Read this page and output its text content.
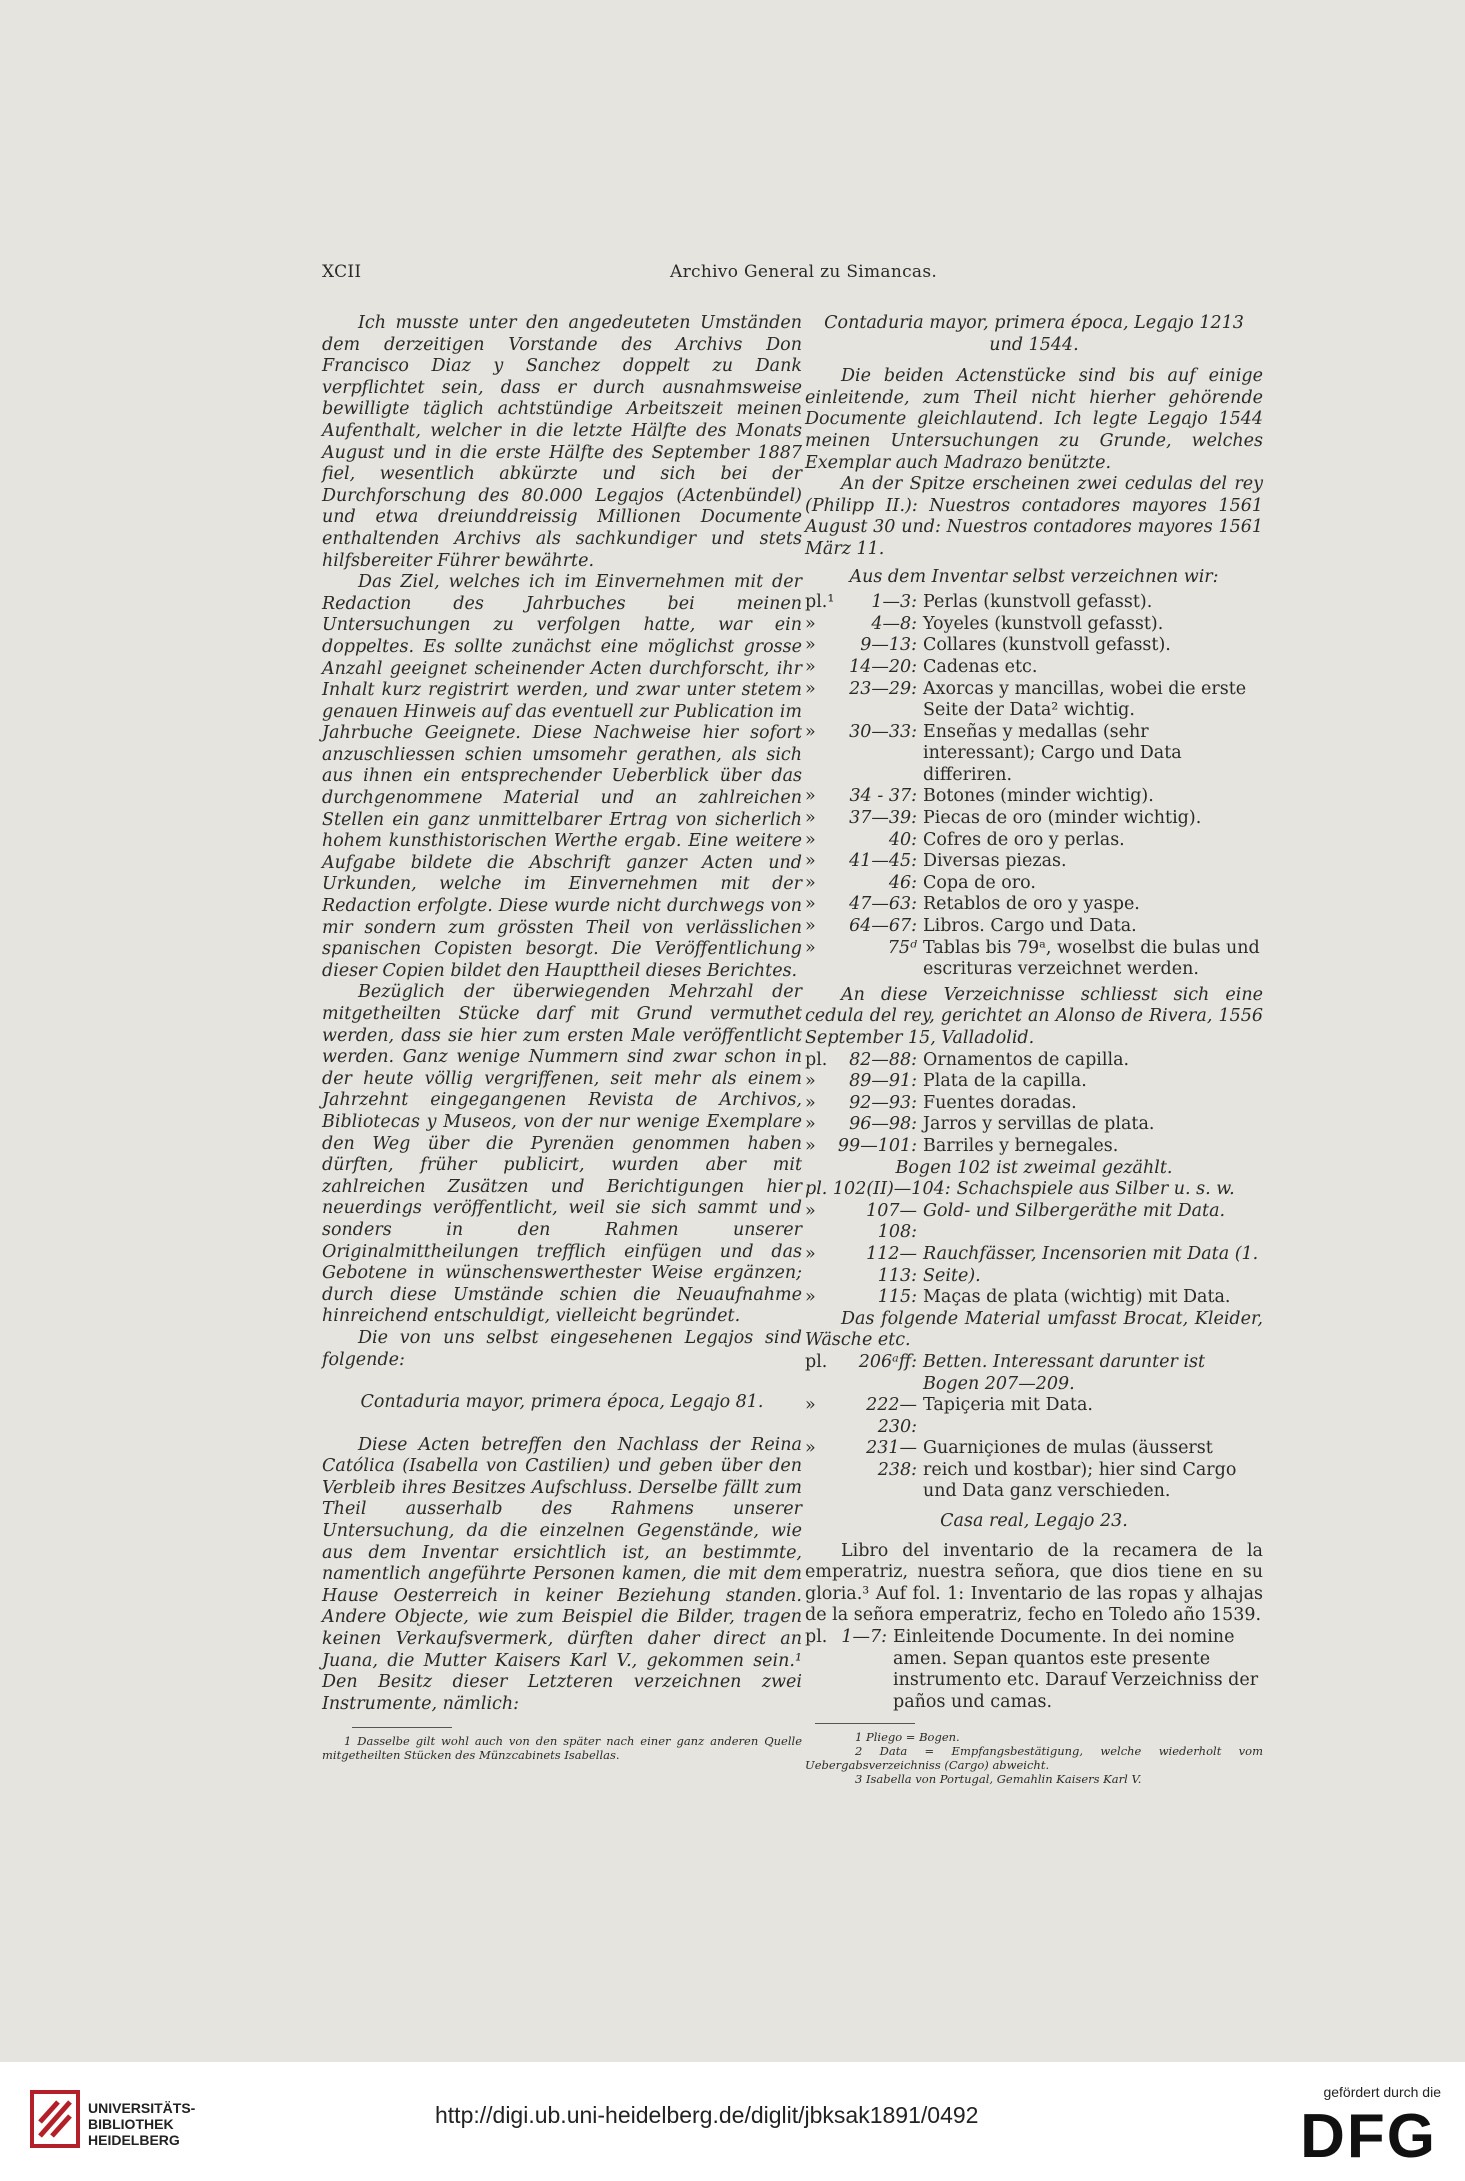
XCII	Archivo General zu Simancas.

Ich musste unter den angedeuteten Umständen dem derzeitigen Vorstande des Archivs Don Francisco Diaz y Sanchez doppelt zu Dank verpflichtet sein, dass er durch ausnahmsweise bewilligte täglich achtstündige Arbeitszeit meinen Aufenthalt, welcher in die letzte Hälfte des Monats August und in die erste Hälfte des September 1887 fiel, wesentlich abkürzte und sich bei der Durchforschung des 80.000 Legajos (Actenbündel) und etwa dreiunddreissig Millionen Documente enthaltenden Archivs als sachkundiger und stets hilfsbereiter Führer bewährte.

Das Ziel, welches ich im Einvernehmen mit der Redaction des Jahrbuches bei meinen Untersuchungen zu verfolgen hatte, war ein doppeltes. Es sollte zunächst eine möglichst grosse Anzahl geeignet scheinender Acten durchforscht, ihr Inhalt kurz registrirt werden, und zwar unter stetem genauen Hinweis auf das eventuell zur Publication im Jahrbuche Geeignete. Diese Nachweise hier sofort anzuschliessen schien umsomehr gerathen, als sich aus ihnen ein entsprechender Ueberblick über das durchgenommene Material und an zahlreichen Stellen ein ganz unmittelbarer Ertrag von sicherlich hohem kunsthistorischen Werthe ergab. Eine weitere Aufgabe bildete die Abschrift ganzer Acten und Urkunden, welche im Einvernehmen mit der Redaction erfolgte. Diese wurde nicht durchwegs von mir sondern zum grössten Theil von verlässlichen spanischen Copisten besorgt. Die Veröffentlichung dieser Copien bildet den Haupttheil dieses Berichtes.

Bezüglich der überwiegenden Mehrzahl der mitgetheilten Stücke darf mit Grund vermuthet werden, dass sie hier zum ersten Male veröffentlicht werden. Ganz wenige Nummern sind zwar schon in der heute völlig vergriffenen, seit mehr als einem Jahrzehnt eingegangenen Revista de Archivos, Bibliotecas y Museos, von der nur wenige Exemplare den Weg über die Pyrenäen genommen haben dürften, früher publicirt, wurden aber mit zahlreichen Zusätzen und Berichtigungen hier neuerdings veröffentlicht, weil sie sich sammt und sonders in den Rahmen unserer Originalmittheilungen trefflich einfügen und das Gebotene in wünschenswerthester Weise ergänzen; durch diese Umstände schien die Neuaufnahme hinreichend entschuldigt, vielleicht begründet.

Die von uns selbst eingesehenen Legajos sind folgende:

Contaduria mayor, primera época, Legajo 81.

Diese Acten betreffen den Nachlass der Reina Católica (Isabella von Castilien) und geben über den Verbleib ihres Besitzes Aufschluss. Derselbe fällt zum Theil ausserhalb des Rahmens unserer Untersuchung, da die einzelnen Gegenstände, wie aus dem Inventar ersichtlich ist, an bestimmte, namentlich angeführte Personen kamen, die mit dem Hause Oesterreich in keiner Beziehung standen. Andere Objecte, wie zum Beispiel die Bilder, tragen keinen Verkaufsvermerk, dürften daher direct an Juana, die Mutter Kaisers Karl V., gekommen sein.¹ Den Besitz dieser Letzteren verzeichnen zwei Instrumente, nämlich:

1 Dasselbe gilt wohl auch von den später nach einer ganz anderen Quelle mitgetheilten Stücken des Münzcabinets Isabellas.

Contaduria mayor, primera época, Legajo 1213 und 1544.

Die beiden Actenstücke sind bis auf einige einleitende, zum Theil nicht hierher gehörende Documente gleichlautend. Ich legte Legajo 1544 meinen Untersuchungen zu Grunde, welches Exemplar auch Madrazo benützte.

An der Spitze erscheinen zwei cedulas del rey (Philipp II.): Nuestros contadores mayores 1561 August 30 und: Nuestros contadores mayores 1561 März 11.

Aus dem Inventar selbst verzeichnen wir:

pl.¹	1—3: Perlas (kunstvoll gefasst).
»	4—8: Yoyeles (kunstvoll gefasst).
»	9—13: Collares (kunstvoll gefasst).
»	14—20: Cadenas etc.
»	23—29: Axorcas y mancillas, wobei die erste Seite der Data² wichtig.
»	30—33: Enseñas y medallas (sehr interessant); Cargo und Data differiren.
»	34 - 37: Botones (minder wichtig).
»	37—39: Piecas de oro (minder wichtig).
»	40: Cofres de oro y perlas.
»	41—45: Diversas piezas.
»	46: Copa de oro.
»	47—63: Retablos de oro y yaspe.
»	64—67: Libros. Cargo und Data.
»	75ᵈ Tablas bis 79ᵃ, woselbst die bulas und escrituras verzeichnet werden.

An diese Verzeichnisse schliesst sich eine cedula del rey, gerichtet an Alonso de Rivera, 1556 September 15, Valladolid.

pl.	82—88: Ornamentos de capilla.
»	89—91: Plata de la capilla.
»	92—93: Fuentes doradas.
»	96—98: Jarros y servillas de plata.
»	99—101: Barriles y bernegales.

Bogen 102 ist zweimal gezählt.

pl. 102(II)—104: Schachspiele aus Silber u. s. w.
»	107—108:
Gold- und Silbergeräthe mit Data.
»	112—113:
Rauchfässer, Incensorien mit Data (1. Seite).
»	115: Maças de plata (wichtig) mit Data.

Das folgende Material umfasst Brocat, Kleider, Wäsche etc.

pl.	206ᵃff: Betten. Interessant darunter ist Bogen 207—209.
»	222—230:
Tapiçeria mit Data.
»	231—238:
Guarniçiones de mulas (äusserst reich und kostbar); hier sind Cargo und Data ganz verschieden.

Casa real, Legajo 23.

Libro del inventario de la recamera de la emperatriz, nuestra señora, que dios tiene en su gloria.³ Auf fol. 1: Inventario de las ropas y alhajas de la señora emperatriz, fecho en Toledo año 1539.

pl. 1—7: Einleitende Documente. In dei nomine amen. Sepan quantos este presente instrumento etc. Darauf Verzeichniss der paños und camas.

1 Pliego = Bogen.

2 Data = Empfangsbestätigung, welche wiederholt vom Uebergabsverzeichniss (Cargo) abweicht.

3 Isabella von Portugal, Gemahlin Kaisers Karl V.

UNIVERSITÄTS-
BIBLIOTHEK
HEIDELBERG
http://digi.ub.uni-heidelberg.de/diglit/jbksak1891/0492
gefördert durch die
DFG
